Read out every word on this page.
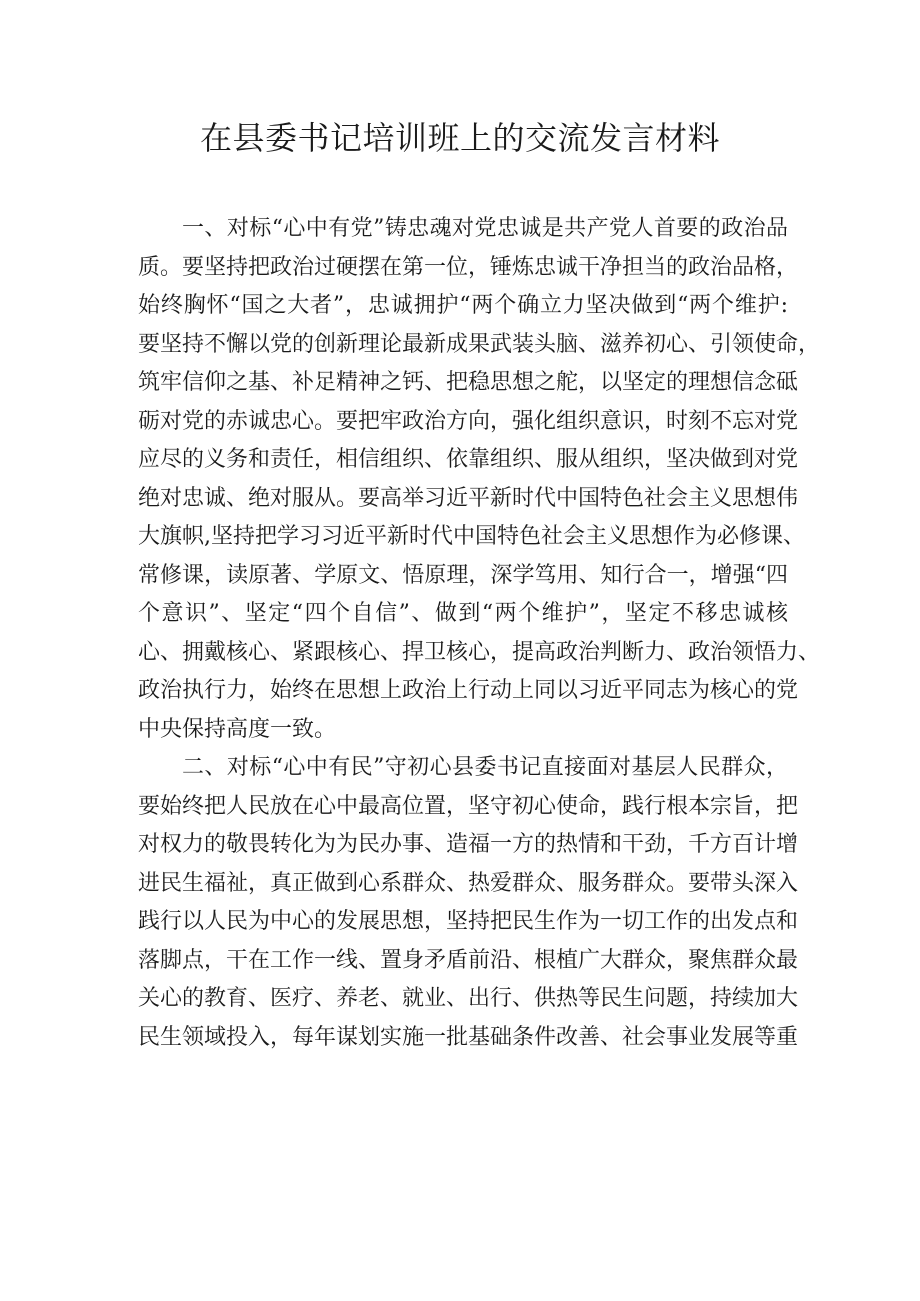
在县委书记培训班上的交流发言材料
一、对标“心中有党”铸忠魂对党忠诚是共产党人首要的政治品
质。要坚持把政治过硬摆在第一位，锤炼忠诚干净担当的政治品格，
始终胸怀“国之大者”，忠诚拥护“两个确立力坚决做到“两个维护:
要坚持不懈以党的创新理论最新成果武装头脑、滋养初心、引领使命，
筑牢信仰之基、补足精神之钙、把稳思想之舵，以坚定的理想信念砥
砺对党的赤诚忠心。要把牢政治方向，强化组织意识，时刻不忘对党
应尽的义务和责任，相信组织、依靠组织、服从组织，坚决做到对党
绝对忠诚、绝对服从。要高举习近平新时代中国特色社会主义思想伟
大旗帜,坚持把学习习近平新时代中国特色社会主义思想作为必修课、
常修课，读原著、学原文、悟原理，深学笃用、知行合一，增强“四
个意识”、坚定“四个自信”、做到“两个维护”，坚定不移忠诚核
心、拥戴核心、紧跟核心、捍卫核心，提高政治判断力、政治领悟力、
政治执行力，始终在思想上政治上行动上同以习近平同志为核心的党
中央保持高度一致。
二、对标“心中有民”守初心县委书记直接面对基层人民群众，
要始终把人民放在心中最高位置，坚守初心使命，践行根本宗旨，把
对权力的敬畏转化为为民办事、造福一方的热情和干劲，千方百计增
进民生福祉，真正做到心系群众、热爱群众、服务群众。要带头深入
践行以人民为中心的发展思想，坚持把民生作为一切工作的出发点和
落脚点，干在工作一线、置身矛盾前沿、根植广大群众，聚焦群众最
关心的教育、医疗、养老、就业、出行、供热等民生问题，持续加大
民生领域投入，每年谋划实施一批基础条件改善、社会事业发展等重
